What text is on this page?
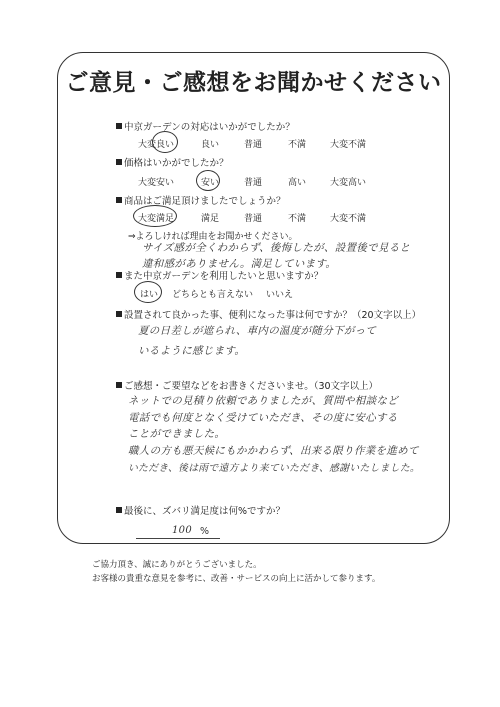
ご意見・ご感想をお聞かせください
中京ガーデンの対応はいかがでしたか？
大変良い	良い	普通	不満	大変不満
価格はいかがでしたか？
大変安い	安い	普通	高い	大変高い
商品はご満足頂けましたでしょうか？
大変満足	満足	普通	不満	大変不満
⇒よろしければ理由をお聞かせください。
サイズ感が全くわからず、後悔したが、設置後で見ると
違和感がありません。満足しています。
また中京ガーデンを利用したいと思いますか？
はい どちらとも言えない いいえ
設置されて良かった事、便利になった事は何ですか？（20文字以上）
夏の日差しが遮られ、車内の温度が随分下がって
いるように感じます。
ご感想・ご要望などをお書きくださいませ。（30文字以上）
ネットでの見積り依頼でありましたが、質問や相談など
電話でも何度となく受けていただき、その度に安心する
ことができました。
職人の方も悪天候にもかかわらず、出来る限り作業を進めて
いただき、後は雨で遠方より来ていただき、感謝いたしました。
最後に、ズバリ満足度は何%ですか？
100 %
ご協力頂き、誠にありがとうございました。
お客様の貴重な意見を参考に、改善・サービスの向上に活かして参ります。
